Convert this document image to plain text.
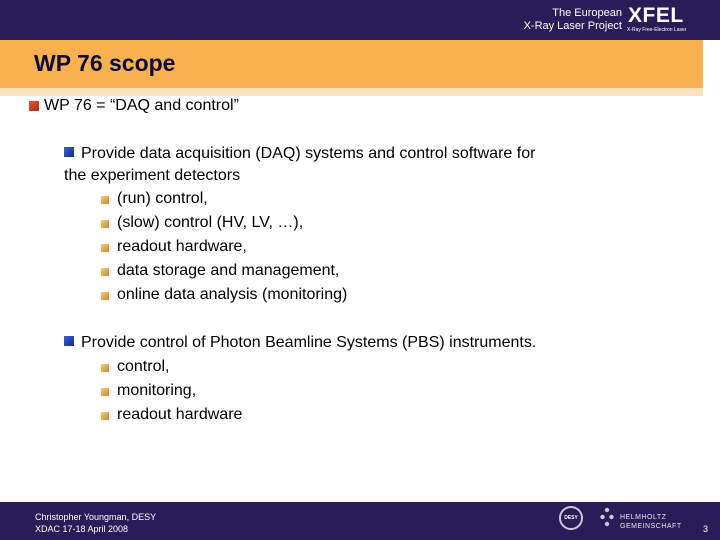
The European
X-Ray Laser Project XFEL
X-Ray Free-Electron Laser
WP 76 scope
WP 76 = “DAQ and control”
Provide data acquisition (DAQ) systems and control software for
the experiment detectors
(run) control,
(slow) control (HV, LV, …),
readout hardware,
data storage and management,
online data analysis (monitoring)
Provide control of Photon Beamline Systems (PBS) instruments.
control,
monitoring,
readout hardware
Christopher Youngman, DESY
XDAC 17-18 April 2008
DESY	HELMHOLTZ
GEMEINSCHAFT 3
